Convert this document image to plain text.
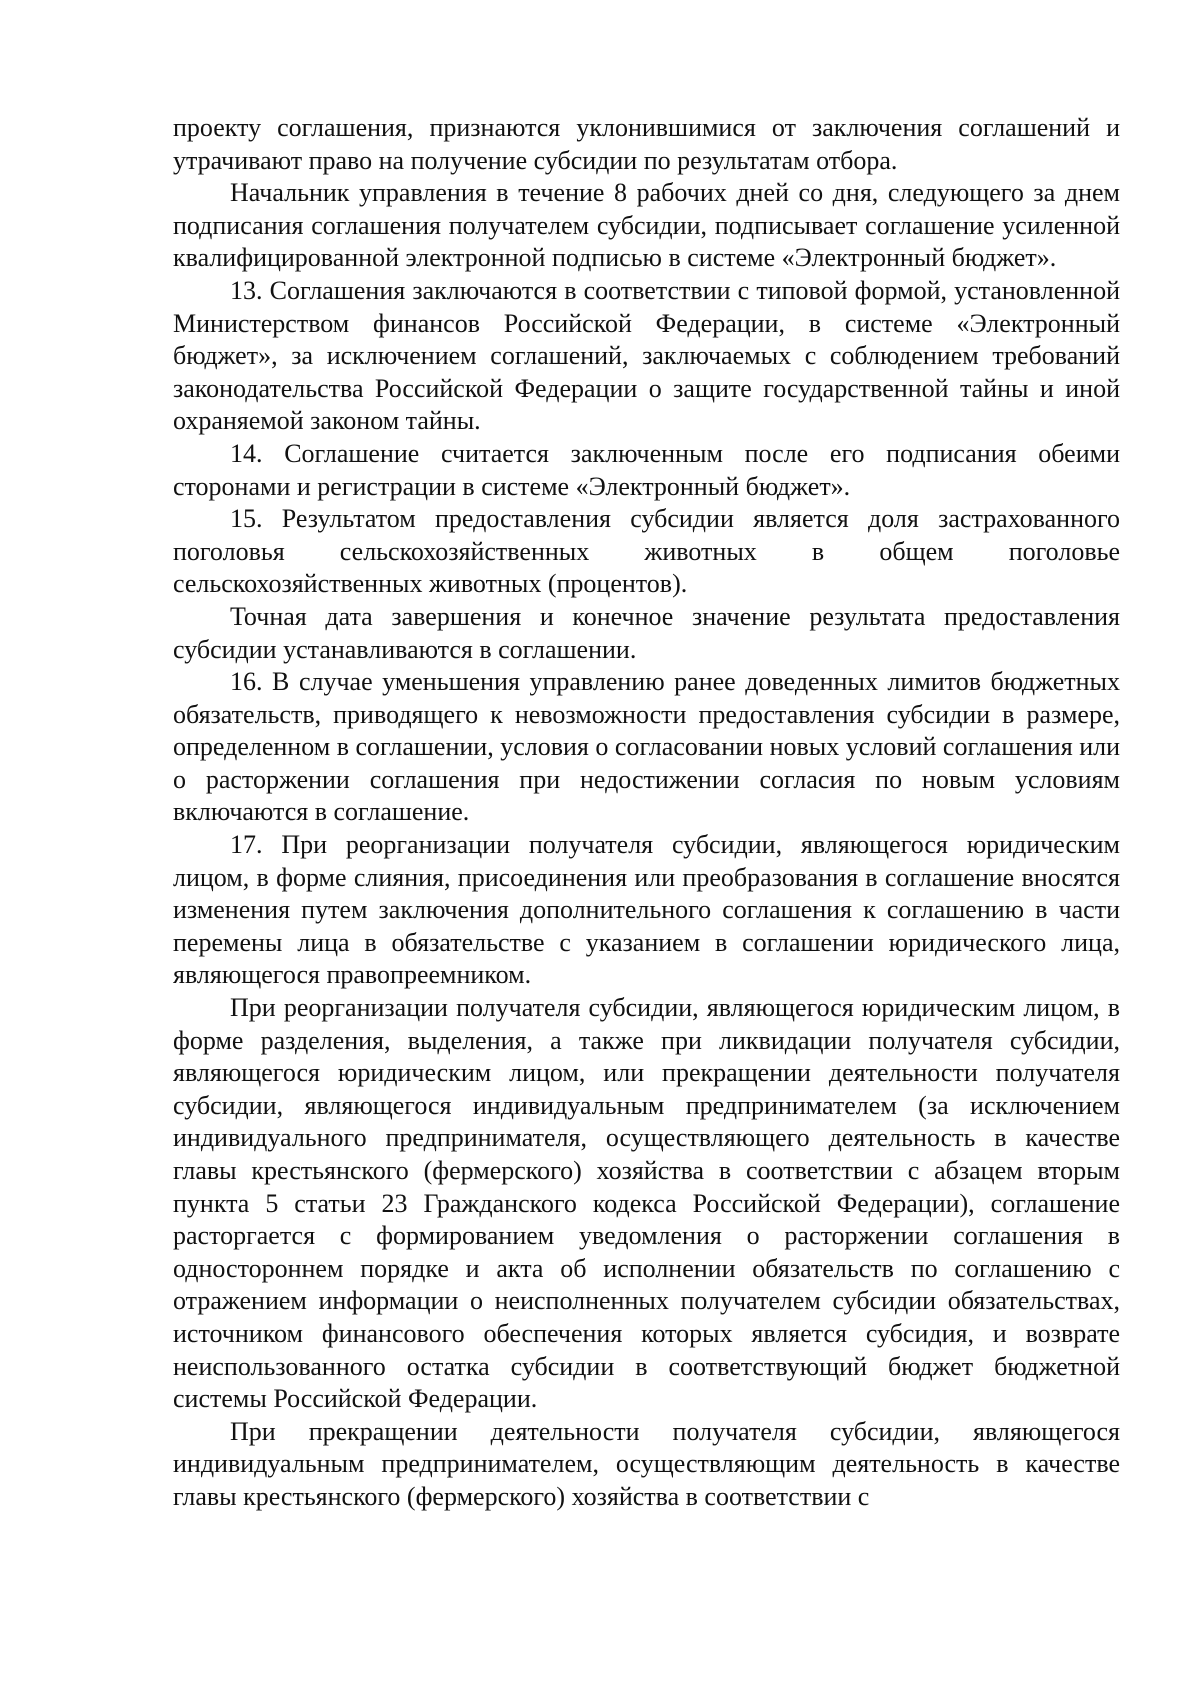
проекту соглашения, признаются уклонившимися от заключения соглашений и утрачивают право на получение субсидии по результатам отбора.

Начальник управления в течение 8 рабочих дней со дня, следующего за днем подписания соглашения получателем субсидии, подписывает соглашение усиленной квалифицированной электронной подписью в системе «Электронный бюджет».

13. Соглашения заключаются в соответствии с типовой формой, установленной Министерством финансов Российской Федерации, в системе «Электронный бюджет», за исключением соглашений, заключаемых с соблюдением требований законодательства Российской Федерации о защите государственной тайны и иной охраняемой законом тайны.

14. Соглашение считается заключенным после его подписания обеими сторонами и регистрации в системе «Электронный бюджет».

15. Результатом предоставления субсидии является доля застрахованного поголовья сельскохозяйственных животных в общем поголовье сельскохозяйственных животных (процентов).

Точная дата завершения и конечное значение результата предоставления субсидии устанавливаются в соглашении.

16. В случае уменьшения управлению ранее доведенных лимитов бюджетных обязательств, приводящего к невозможности предоставления субсидии в размере, определенном в соглашении, условия о согласовании новых условий соглашения или о расторжении соглашения при недостижении согласия по новым условиям включаются в соглашение.

17. При реорганизации получателя субсидии, являющегося юридическим лицом, в форме слияния, присоединения или преобразования в соглашение вносятся изменения путем заключения дополнительного соглашения к соглашению в части перемены лица в обязательстве с указанием в соглашении юридического лица, являющегося правопреемником.

При реорганизации получателя субсидии, являющегося юридическим лицом, в форме разделения, выделения, а также при ликвидации получателя субсидии, являющегося юридическим лицом, или прекращении деятельности получателя субсидии, являющегося индивидуальным предпринимателем (за исключением индивидуального предпринимателя, осуществляющего деятельность в качестве главы крестьянского (фермерского) хозяйства в соответствии с абзацем вторым пункта 5 статьи 23 Гражданского кодекса Российской Федерации), соглашение расторгается с формированием уведомления о расторжении соглашения в одностороннем порядке и акта об исполнении обязательств по соглашению с отражением информации о неисполненных получателем субсидии обязательствах, источником финансового обеспечения которых является субсидия, и возврате неиспользованного остатка субсидии в соответствующий бюджет бюджетной системы Российской Федерации.

При прекращении деятельности получателя субсидии, являющегося индивидуальным предпринимателем, осуществляющим деятельность в качестве главы крестьянского (фермерского) хозяйства в соответствии с
